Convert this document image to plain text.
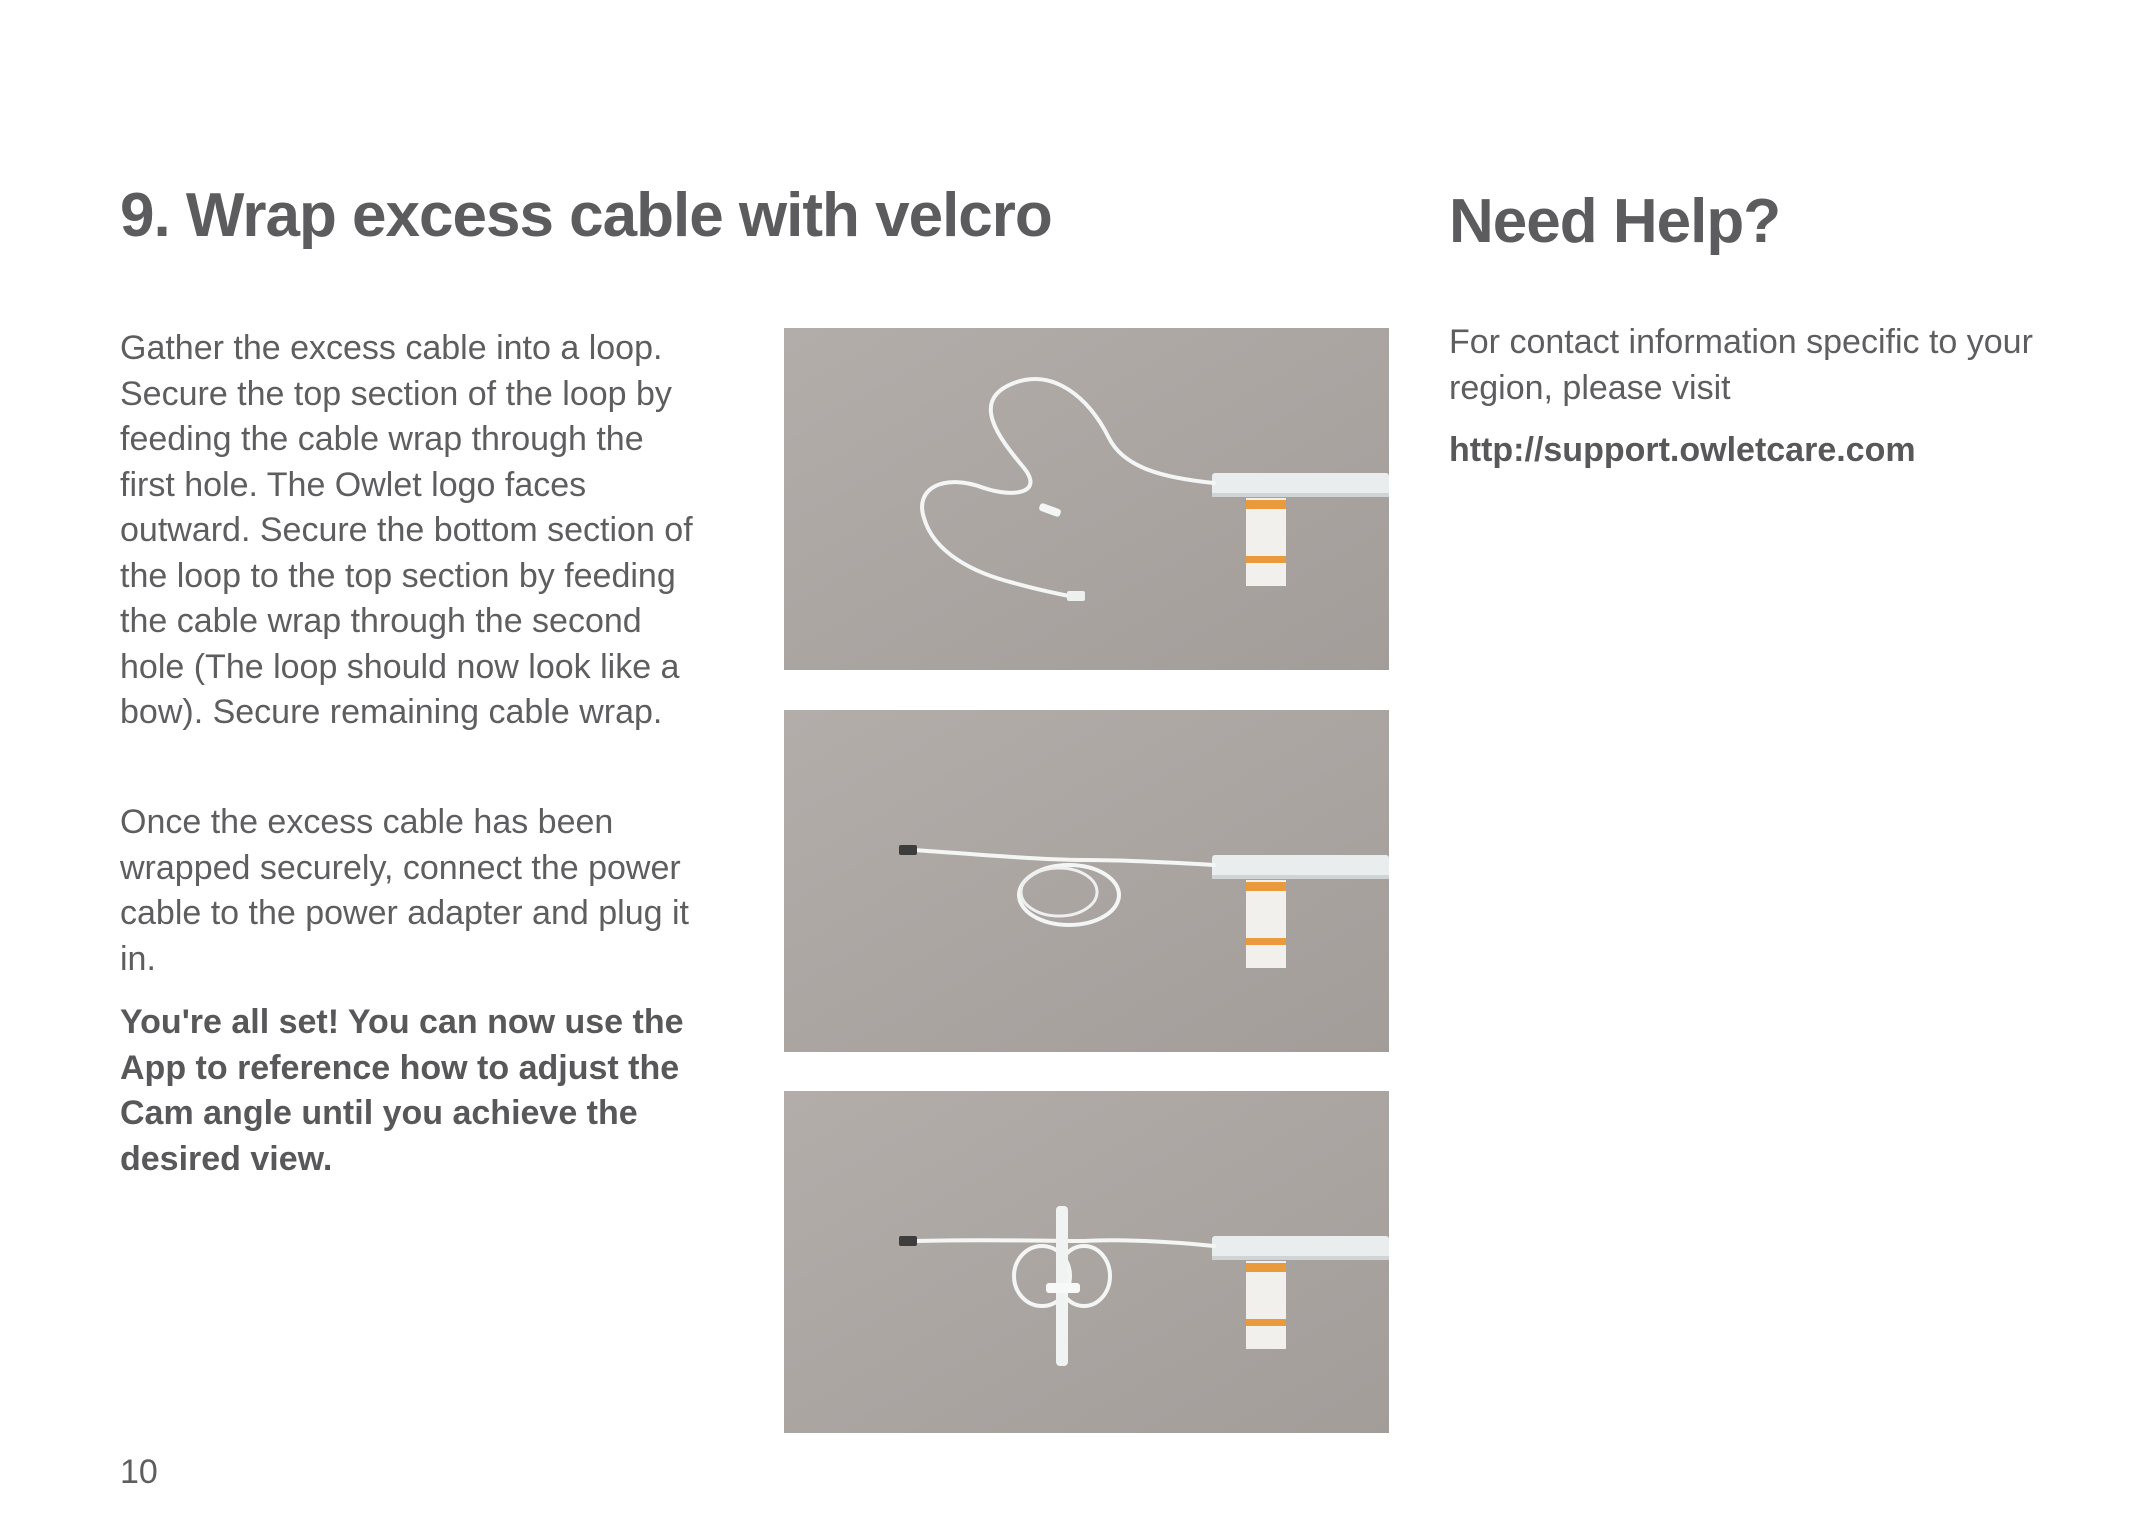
9. Wrap excess cable with velcro

Gather the excess cable into a loop. Secure the top section of the loop by feeding the cable wrap through the first hole. The Owlet logo faces outward. Secure the bottom section of the loop to the top section by feeding the cable wrap through the second hole (The loop should now look like a bow). Secure remaining cable wrap.

Once the excess cable has been wrapped securely, connect the power cable to the power adapter and plug it in.

You're all set! You can now use the App to reference how to adjust the Cam angle until you achieve the desired view.

Need Help?

For contact information specific to your region, please visit

http://support.owletcare.com

10
